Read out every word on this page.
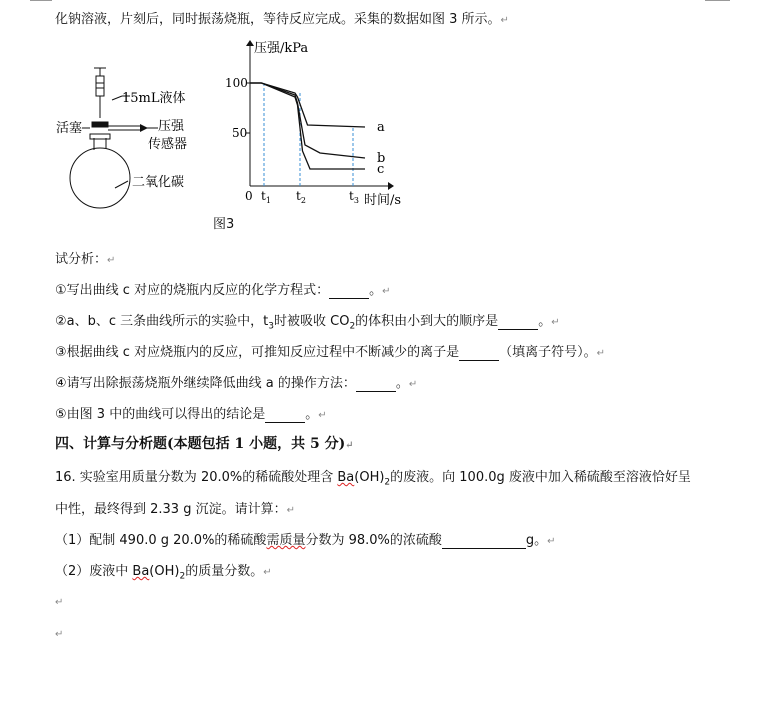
化钠溶液，片刻后，同时振荡烧瓶，等待反应完成。采集的数据如图 3 所示。↵
15mL液体
活塞	压强
传感器
二氧化碳
压强/kPa
时间/s
100
50
0 $t_1$ $t_2$	$t_3$
a
b
c
图3
试分析：↵
①写出曲线 c 对应的烧瓶内反应的化学方程式：	。↵
②a、b、c 三条曲线所示的实验中，$t_3$时被吸收 $CO_2$的体积由小到大的顺序是	。↵
③根据曲线 c 对应烧瓶内的反应，可推知反应过程中不断减少的离子是	（填离子符号）。↵
④请写出除振荡烧瓶外继续降低曲线 a 的操作方法：	。↵
⑤由图 3 中的曲线可以得出的结论是	。↵
四、计算与分析题(本题包括 1 小题，共 5 分)↵
16. 实验室用质量分数为 20.0%的稀硫酸处理含 $Ba(OH)_2$的废液。向 100.0g 废液中加入稀硫酸至溶液恰好呈
中性，最终得到 2.33 g 沉淀。请计算：↵
（1）配制 490.0 g 20.0%的稀硫酸需质量分数为 98.0%的浓硫酸	g。↵
（2）废液中 $Ba(OH)_2$的质量分数。↵
↵
↵
